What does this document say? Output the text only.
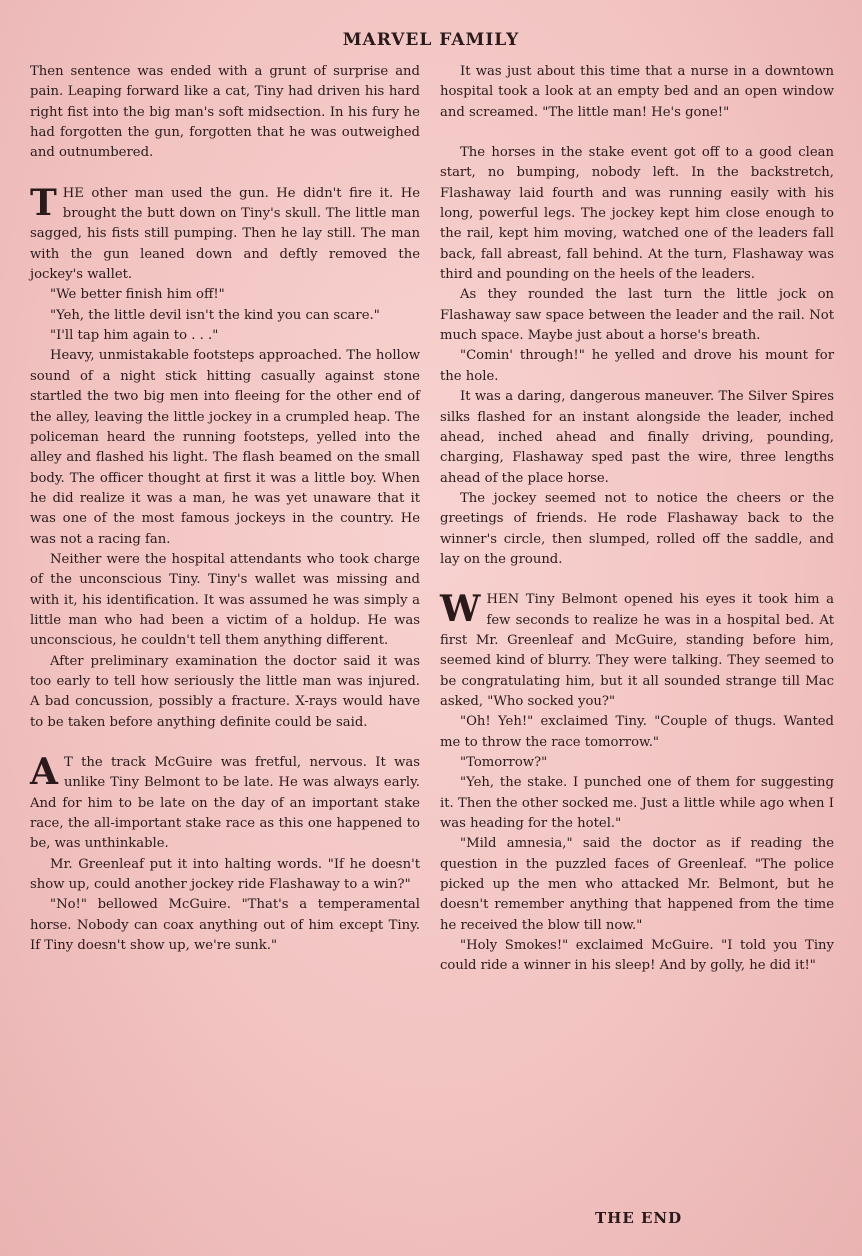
MARVEL FAMILY

Then sentence was ended with a grunt of surprise and pain. Leaping forward like a cat, Tiny had driven his hard right fist into the big man's soft midsection. In his fury he had forgotten the gun, forgotten that he was outweighed and outnumbered.

THE other man used the gun. He didn't fire it. He brought the butt down on Tiny's skull. The little man sagged, his fists still pumping. Then he lay still. The man with the gun leaned down and deftly removed the jockey's wallet.

"We better finish him off!"

"Yeh, the little devil isn't the kind you can scare."

"I'll tap him again to . . ."

Heavy, unmistakable footsteps approached. The hollow sound of a night stick hitting casually against stone startled the two big men into fleeing for the other end of the alley, leaving the little jockey in a crumpled heap. The policeman heard the running footsteps, yelled into the alley and flashed his light. The flash beamed on the small body. The officer thought at first it was a little boy. When he did realize it was a man, he was yet unaware that it was one of the most famous jockeys in the country. He was not a racing fan.

Neither were the hospital attendants who took charge of the unconscious Tiny. Tiny's wallet was missing and with it, his identification. It was assumed he was simply a little man who had been a victim of a holdup. He was unconscious, he couldn't tell them anything different.

After preliminary examination the doctor said it was too early to tell how seriously the little man was injured. A bad concussion, possibly a fracture. X-rays would have to be taken before anything definite could be said.

A T the track McGuire was fretful, nervous. It was unlike Tiny Belmont to be late. He was always early. And for him to be late on the day of an important stake race, the all-important stake race as this one happened to be, was unthinkable.

Mr. Greenleaf put it into halting words. "If he doesn't show up, could another jockey ride Flashaway to a win?"

"No!" bellowed McGuire. "That's a temperamental horse. Nobody can coax anything out of him except Tiny. If Tiny doesn't show up, we're sunk."

It was just about this time that a nurse in a downtown hospital took a look at an empty bed and an open window and screamed. "The little man! He's gone!"

The horses in the stake event got off to a good clean start, no bumping, nobody left. In the backstretch, Flashaway laid fourth and was running easily with his long, powerful legs. The jockey kept him close enough to the rail, kept him moving, watched one of the leaders fall back, fall abreast, fall behind. At the turn, Flashaway was third and pounding on the heels of the leaders.

As they rounded the last turn the little jock on Flashaway saw space between the leader and the rail. Not much space. Maybe just about a horse's breath.

"Comin' through!" he yelled and drove his mount for the hole.

It was a daring, dangerous maneuver. The Silver Spires silks flashed for an instant alongside the leader, inched ahead, inched ahead and finally driving, pounding, charging, Flashaway sped past the wire, three lengths ahead of the place horse.

The jockey seemed not to notice the cheers or the greetings of friends. He rode Flashaway back to the winner's circle, then slumped, rolled off the saddle, and lay on the ground.

WHEN Tiny Belmont opened his eyes it took him a few seconds to realize he was in a hospital bed. At first Mr. Greenleaf and McGuire, standing before him, seemed kind of blurry. They were talking. They seemed to be congratulating him, but it all sounded strange till Mac asked, "Who socked you?"

"Oh! Yeh!" exclaimed Tiny. "Couple of thugs. Wanted me to throw the race tomorrow."

"Tomorrow?"

"Yeh, the stake. I punched one of them for suggesting it. Then the other socked me. Just a little while ago when I was heading for the hotel."

"Mild amnesia," said the doctor as if reading the question in the puzzled faces of Greenleaf. "The police picked up the men who attacked Mr. Belmont, but he doesn't remember anything that happened from the time he received the blow till now."

"Holy Smokes!" exclaimed McGuire. "I told you Tiny could ride a winner in his sleep! And by golly, he did it!"

THE END
